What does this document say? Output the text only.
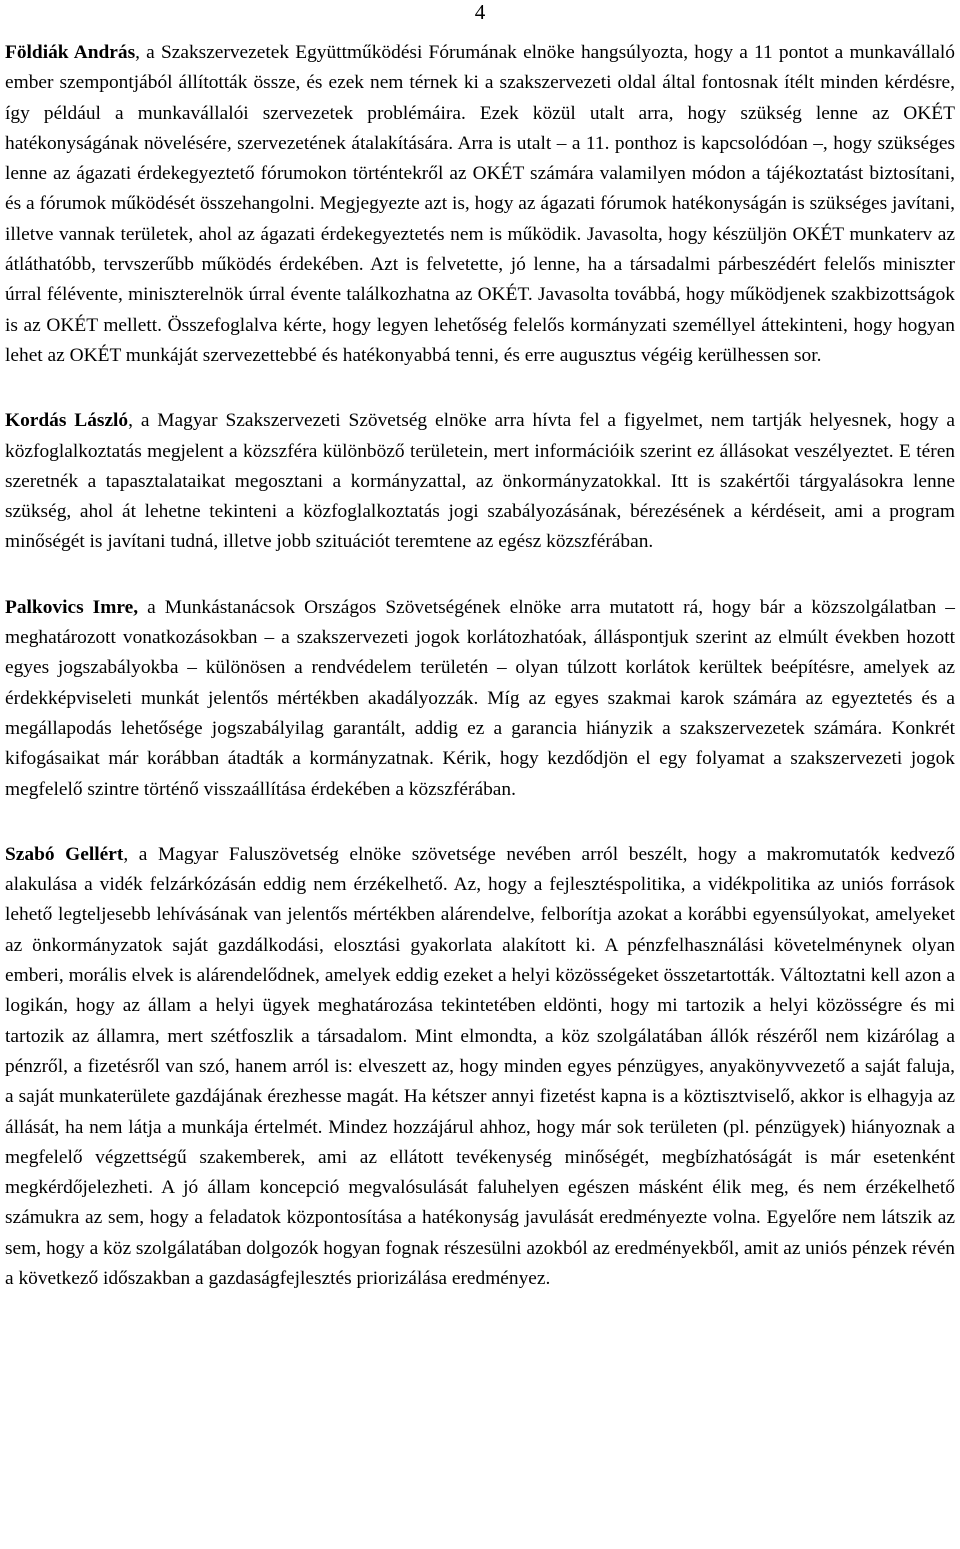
4

Földiák András, a Szakszervezetek Együttműködési Fórumának elnöke hangsúlyozta, hogy a 11 pontot a munkavállaló ember szempontjából állították össze, és ezek nem térnek ki a szakszervezeti oldal által fontosnak ítélt minden kérdésre, így például a munkavállalói szervezetek problémáira. Ezek közül utalt arra, hogy szükség lenne az OKÉT hatékonyságának növelésére, szervezetének átalakítására. Arra is utalt – a 11. ponthoz is kapcsolódóan –, hogy szükséges lenne az ágazati érdekegyeztető fórumokon történtekről az OKÉT számára valamilyen módon a tájékoztatást biztosítani, és a fórumok működését összehangolni. Megjegyezte azt is, hogy az ágazati fórumok hatékonyságán is szükséges javítani, illetve vannak területek, ahol az ágazati érdekegyeztetés nem is működik. Javasolta, hogy készüljön OKÉT munkaterv az átláthatóbb, tervszerűbb működés érdekében. Azt is felvetette, jó lenne, ha a társadalmi párbeszédért felelős miniszter úrral félévente, miniszterelnök úrral évente találkozhatna az OKÉT. Javasolta továbbá, hogy működjenek szakbizottságok is az OKÉT mellett. Összefoglalva kérte, hogy legyen lehetőség felelős kormányzati személlyel áttekinteni, hogy hogyan lehet az OKÉT munkáját szervezettebbé és hatékonyabbá tenni, és erre augusztus végéig kerülhessen sor.

Kordás László, a Magyar Szakszervezeti Szövetség elnöke arra hívta fel a figyelmet, nem tartják helyesnek, hogy a közfoglalkoztatás megjelent a közszféra különböző területein, mert információik szerint ez állásokat veszélyeztet. E téren szeretnék a tapasztalataikat megosztani a kormányzattal, az önkormányzatokkal. Itt is szakértői tárgyalásokra lenne szükség, ahol át lehetne tekinteni a közfoglalkoztatás jogi szabályozásának, bérezésének a kérdéseit, ami a program minőségét is javítani tudná, illetve jobb szituációt teremtene az egész közszférában.

Palkovics Imre, a Munkástanácsok Országos Szövetségének elnöke arra mutatott rá, hogy bár a közszolgálatban – meghatározott vonatkozásokban – a szakszervezeti jogok korlátozhatóak, álláspontjuk szerint az elmúlt években hozott egyes jogszabályokba – különösen a rendvédelem területén – olyan túlzott korlátok kerültek beépítésre, amelyek az érdekképviseleti munkát jelentős mértékben akadályozzák. Míg az egyes szakmai karok számára az egyeztetés és a megállapodás lehetősége jogszabályilag garantált, addig ez a garancia hiányzik a szakszervezetek számára. Konkrét kifogásaikat már korábban átadták a kormányzatnak. Kérik, hogy kezdődjön el egy folyamat a szakszervezeti jogok megfelelő szintre történő visszaállítása érdekében a közszférában.

Szabó Gellért, a Magyar Faluszövetség elnöke szövetsége nevében arról beszélt, hogy a makromutatók kedvező alakulása a vidék felzárkózásán eddig nem érzékelhető. Az, hogy a fejlesztéspolitika, a vidékpolitika az uniós források lehető legteljesebb lehívásának van jelentős mértékben alárendelve, felborítja azokat a korábbi egyensúlyokat, amelyeket az önkormányzatok saját gazdálkodási, elosztási gyakorlata alakított ki. A pénzfelhasználási követelménynek olyan emberi, morális elvek is alárendelődnek, amelyek eddig ezeket a helyi közösségeket összetartották. Változtatni kell azon a logikán, hogy az állam a helyi ügyek meghatározása tekintetében eldönti, hogy mi tartozik a helyi közösségre és mi tartozik az államra, mert szétfoszlik a társadalom. Mint elmondta, a köz szolgálatában állók részéről nem kizárólag a pénzről, a fizetésről van szó, hanem arról is: elveszett az, hogy minden egyes pénzügyes, anyakönyvvezető a saját faluja, a saját munkaterülete gazdájának érezhesse magát. Ha kétszer annyi fizetést kapna is a köztisztviselő, akkor is elhagyja az állását, ha nem látja a munkája értelmét. Mindez hozzájárul ahhoz, hogy már sok területen (pl. pénzügyek) hiányoznak a megfelelő végzettségű szakemberek, ami az ellátott tevékenység minőségét, megbízhatóságát is már esetenként megkérdőjelezheti. A jó állam koncepció megvalósulását faluhelyen egészen másként élik meg, és nem érzékelhető számukra az sem, hogy a feladatok központosítása a hatékonyság javulását eredményezte volna. Egyelőre nem látszik az sem, hogy a köz szolgálatában dolgozók hogyan fognak részesülni azokból az eredményekből, amit az uniós pénzek révén a következő időszakban a gazdaságfejlesztés priorizálása eredményez.
